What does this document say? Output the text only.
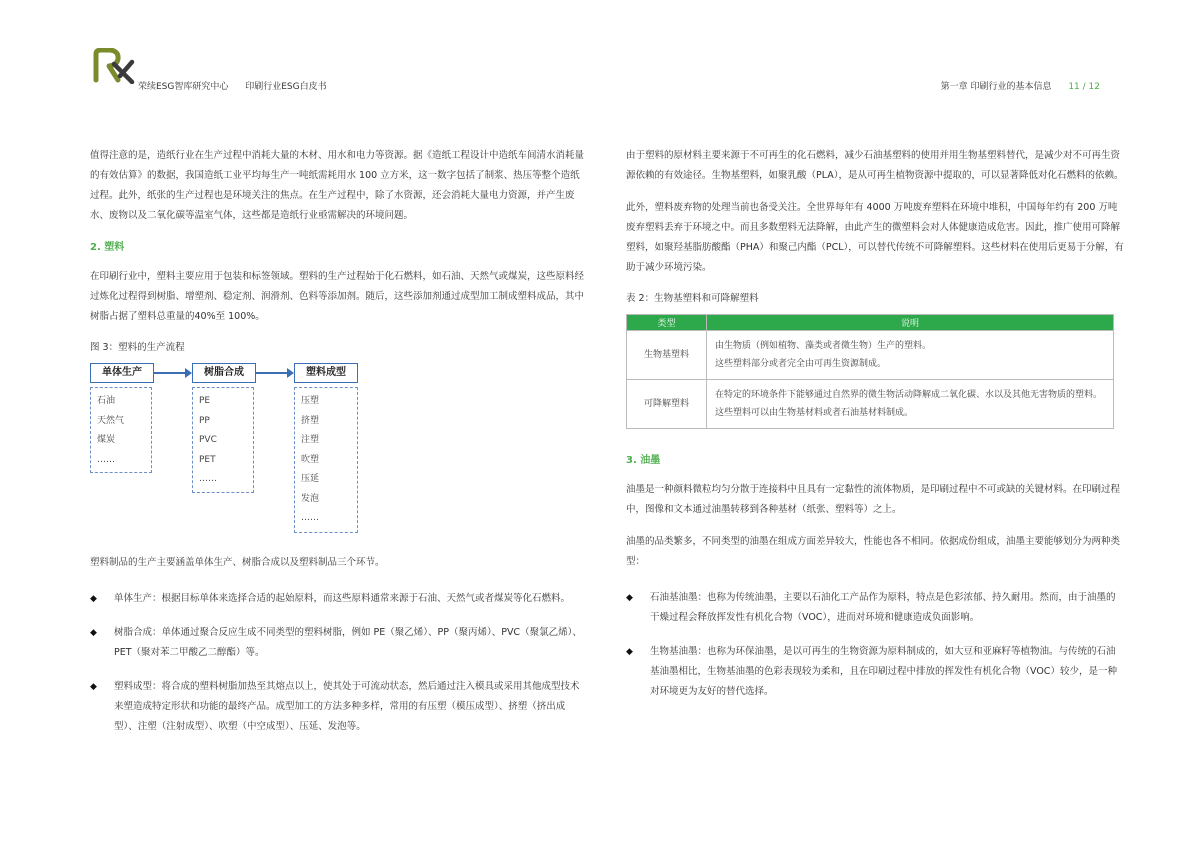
荣续ESG智库研究中心 印刷行业ESG白皮书	第一章 印刷行业的基本信息 11 / 12

值得注意的是，造纸行业在生产过程中消耗大量的木材、用水和电力等资源。据《造纸工程设计中造纸车间清水消耗量的有效估算》的数据，我国造纸工业平均每生产一吨纸需耗用水 100 立方米，这一数字包括了制浆、热压等整个造纸过程。此外，纸张的生产过程也是环境关注的焦点。在生产过程中，除了水资源，还会消耗大量电力资源，并产生废水、废物以及二氧化碳等温室气体，这些都是造纸行业亟需解决的环境问题。

2. 塑料

在印刷行业中，塑料主要应用于包装和标签领域。塑料的生产过程始于化石燃料，如石油、天然气或煤炭，这些原料经过炼化过程得到树脂、增塑剂、稳定剂、润滑剂、色料等添加剂。随后，这些添加剂通过成型加工制成塑料成品，其中树脂占据了塑料总重量的40%至 100%。

图 3：塑料的生产流程
单体生产	树脂合成	塑料成型
石油
天然气
煤炭
……
PE
PP
PVC
PET
……
压塑
挤塑
注塑
吹塑
压延
发泡
……

塑料制品的生产主要涵盖单体生产、树脂合成以及塑料制品三个环节。

◆ 单体生产：根据目标单体来选择合适的起始原料，而这些原料通常来源于石油、天然气或者煤炭等化石燃料。
◆ 树脂合成：单体通过聚合反应生成不同类型的塑料树脂，例如 PE（聚乙烯）、PP（聚丙烯）、PVC（聚氯乙烯）、PET（聚对苯二甲酸乙二醇酯）等。
◆ 塑料成型：将合成的塑料树脂加热至其熔点以上，使其处于可流动状态，然后通过注入模具或采用其他成型技术来塑造成特定形状和功能的最终产品。成型加工的方法多种多样，常用的有压塑（模压成型）、挤塑（挤出成型）、注塑（注射成型）、吹塑（中空成型）、压延、发泡等。

由于塑料的原材料主要来源于不可再生的化石燃料，减少石油基塑料的使用并用生物基塑料替代，是减少对不可再生资源依赖的有效途径。生物基塑料，如聚乳酸（PLA），是从可再生植物资源中提取的，可以显著降低对化石燃料的依赖。

此外，塑料废弃物的处理当前也备受关注。全世界每年有 4000 万吨废弃塑料在环境中堆积，中国每年约有 200 万吨废弃塑料丢弃于环境之中。而且多数塑料无法降解，由此产生的微塑料会对人体健康造成危害。因此，推广使用可降解塑料，如聚羟基脂肪酸酯（PHA）和聚己内酯（PCL），可以替代传统不可降解塑料。这些材料在使用后更易于分解，有助于减少环境污染。

表 2：生物基塑料和可降解塑料
类型	说明
生物基塑料	由生物质（例如植物、藻类或者微生物）生产的塑料。
这些塑料部分或者完全由可再生资源制成。

可降解塑料	在特定的环境条件下能够通过自然界的微生物活动降解成二氧化碳、水以及其他无害物质的塑料。
这些塑料可以由生物基材料或者石油基材料制成。
3. 油墨

油墨是一种颜料微粒均匀分散于连接料中且具有一定黏性的流体物质，是印刷过程中不可或缺的关键材料。在印刷过程中，图像和文本通过油墨转移到各种基材（纸张、塑料等）之上。

油墨的品类繁多，不同类型的油墨在组成方面差异较大，性能也各不相同。依据成份组成，油墨主要能够划分为两种类型：

◆ 石油基油墨：也称为传统油墨，主要以石油化工产品作为原料，特点是色彩浓郁、持久耐用。然而，由于油墨的干燥过程会释放挥发性有机化合物（VOC），进而对环境和健康造成负面影响。
◆ 生物基油墨：也称为环保油墨，是以可再生的生物资源为原料制成的，如大豆和亚麻籽等植物油。与传统的石油基油墨相比，生物基油墨的色彩表现较为柔和，且在印刷过程中排放的挥发性有机化合物（VOC）较少，是一种对环境更为友好的替代选择。
